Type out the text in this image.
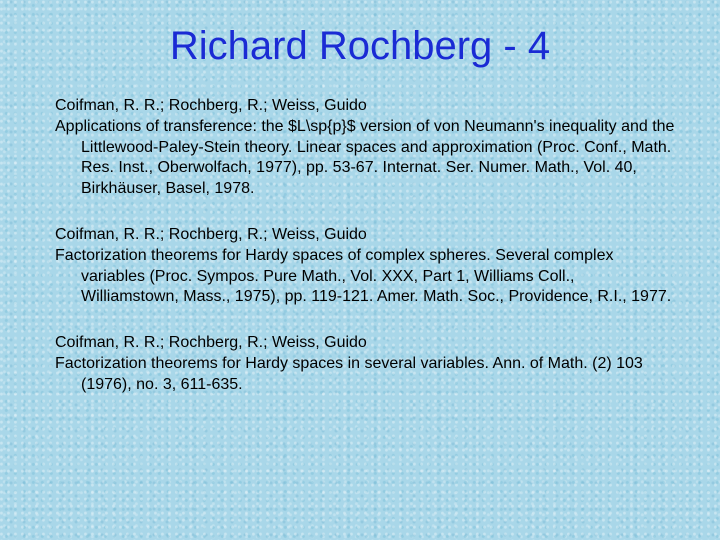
Richard Rochberg - 4

Coifman, R. R.; Rochberg, R.; Weiss, Guido

Applications of transference: the $L\sp{p}$ version of von Neumann's inequality and the Littlewood-Paley-Stein theory. Linear spaces and approximation (Proc. Conf., Math. Res. Inst., Oberwolfach, 1977), pp. 53-67. Internat. Ser. Numer. Math., Vol. 40, Birkhäuser, Basel, 1978.

Coifman, R. R.; Rochberg, R.; Weiss, Guido

Factorization theorems for Hardy spaces of complex spheres. Several complex variables (Proc. Sympos. Pure Math., Vol. XXX, Part 1, Williams Coll., Williamstown, Mass., 1975), pp. 119-121. Amer. Math. Soc., Providence, R.I., 1977.

Coifman, R. R.; Rochberg, R.; Weiss, Guido

Factorization theorems for Hardy spaces in several variables. Ann. of Math. (2) 103 (1976), no. 3, 611-635.
